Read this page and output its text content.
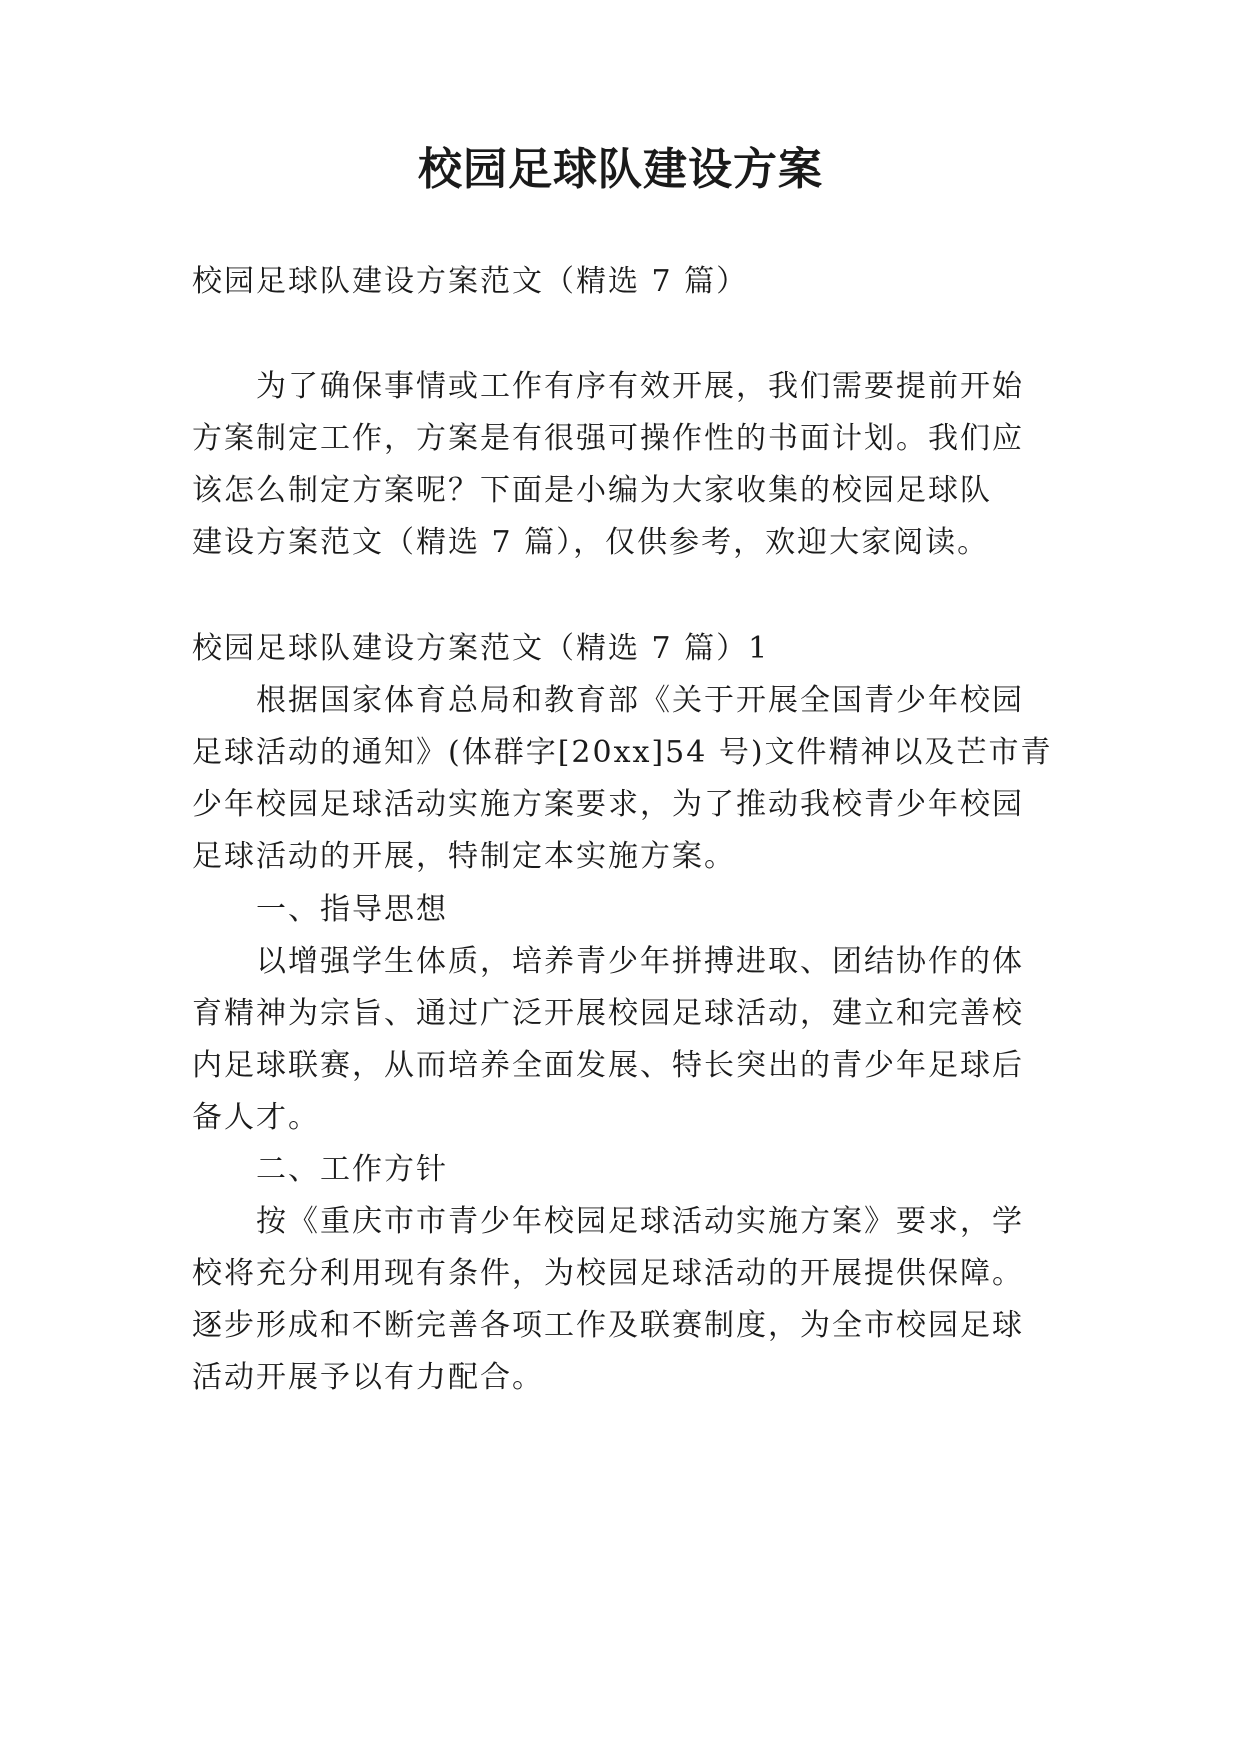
校园足球队建设方案
校园足球队建设方案范文（精选 7 篇）
为了确保事情或工作有序有效开展，我们需要提前开始
方案制定工作，方案是有很强可操作性的书面计划。我们应
该怎么制定方案呢？下面是小编为大家收集的校园足球队
建设方案范文（精选 7 篇），仅供参考，欢迎大家阅读。
校园足球队建设方案范文（精选 7 篇）1
根据国家体育总局和教育部《关于开展全国青少年校园
足球活动的通知》(体群字[20xx]54 号)文件精神以及芒市青
少年校园足球活动实施方案要求，为了推动我校青少年校园
足球活动的开展，特制定本实施方案。
一、指导思想
以增强学生体质，培养青少年拼搏进取、团结协作的体
育精神为宗旨、通过广泛开展校园足球活动，建立和完善校
内足球联赛，从而培养全面发展、特长突出的青少年足球后
备人才。
二、工作方针
按《重庆市市青少年校园足球活动实施方案》要求，学
校将充分利用现有条件，为校园足球活动的开展提供保障。
逐步形成和不断完善各项工作及联赛制度，为全市校园足球
活动开展予以有力配合。
